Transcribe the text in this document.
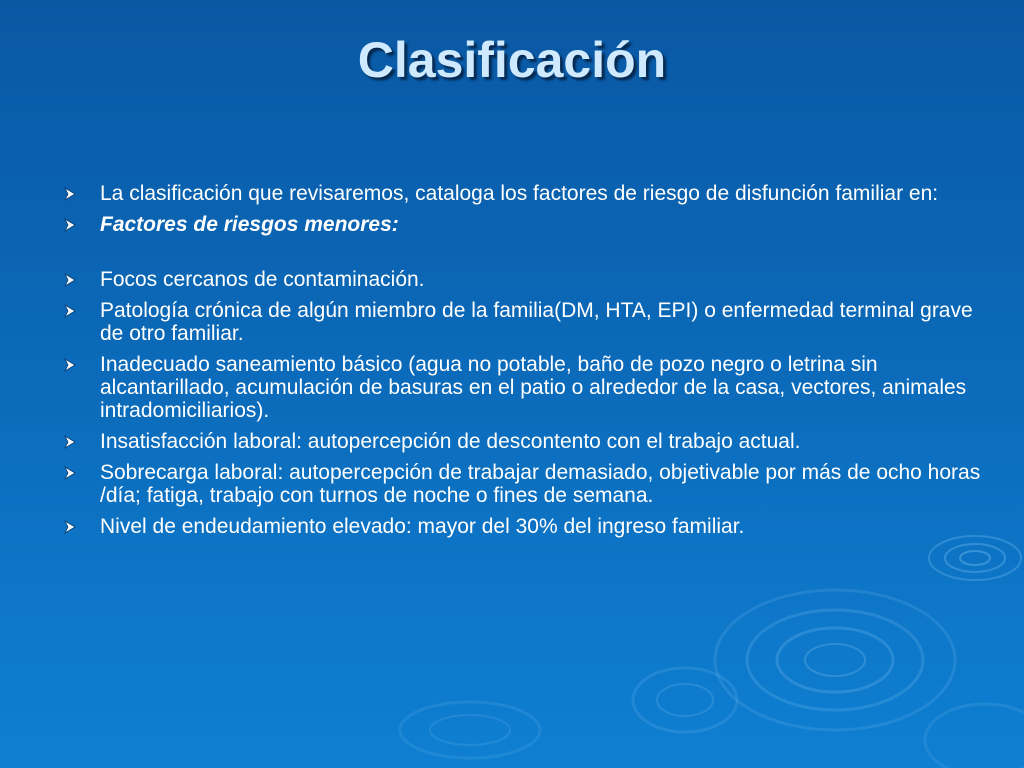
Clasificación
La clasificación que revisaremos, cataloga los factores de riesgo de disfunción familiar en:
Factores de riesgos menores:
Focos cercanos de contaminación.
Patología crónica de algún miembro de la familia(DM, HTA, EPI) o enfermedad terminal grave de otro familiar.
Inadecuado saneamiento básico (agua no potable, baño de pozo negro o letrina sin alcantarillado, acumulación de basuras en el patio o alrededor de la casa, vectores, animales intradomiciliarios).
Insatisfacción laboral: autopercepción de descontento con el trabajo actual.
Sobrecarga laboral: autopercepción de trabajar demasiado, objetivable por más de ocho horas /día; fatiga, trabajo con turnos de noche o fines de semana.
Nivel de endeudamiento elevado: mayor del 30% del ingreso familiar.
